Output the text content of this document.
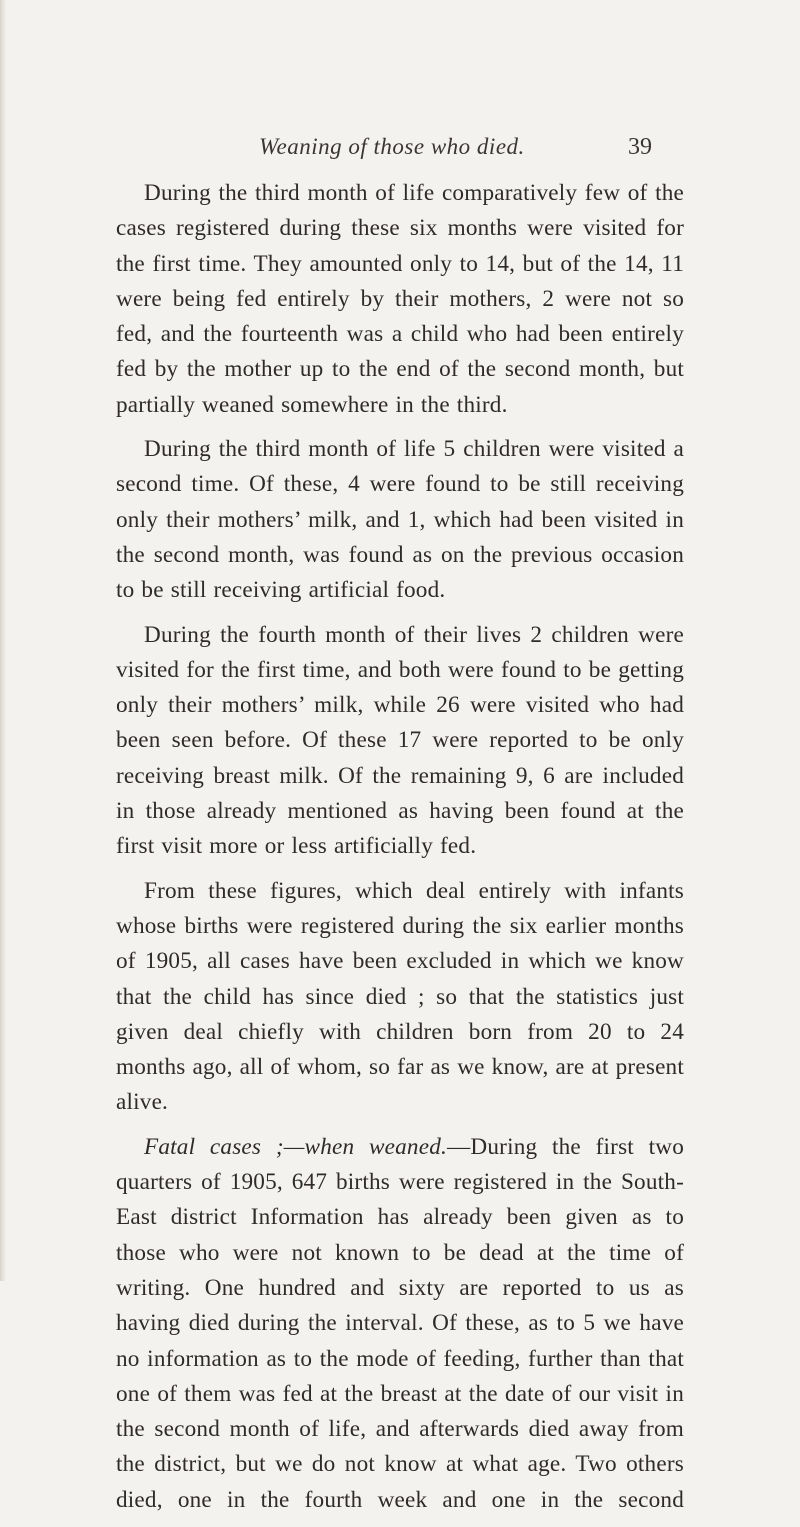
Weaning of those who died.	39

During the third month of life comparatively few of the cases registered during these six months were visited for the first time. They amounted only to 14, but of the 14, 11 were being fed entirely by their mothers, 2 were not so fed, and the fourteenth was a child who had been entirely fed by the mother up to the end of the second month, but partially weaned somewhere in the third.

During the third month of life 5 children were visited a second time. Of these, 4 were found to be still receiving only their mothers’ milk, and 1, which had been visited in the second month, was found as on the previous occasion to be still receiving artificial food.

During the fourth month of their lives 2 children were visited for the first time, and both were found to be getting only their mothers’ milk, while 26 were visited who had been seen before. Of these 17 were reported to be only receiving breast milk. Of the remaining 9, 6 are included in those already mentioned as having been found at the first visit more or less artificially fed.

From these figures, which deal entirely with infants whose births were registered during the six earlier months of 1905, all cases have been excluded in which we know that the child has since died ; so that the statistics just given deal chiefly with children born from 20 to 24 months ago, all of whom, so far as we know, are at present alive.

Fatal cases ;—when weaned.—During the first two quarters of 1905, 647 births were registered in the South-East district Information has already been given as to those who were not known to be dead at the time of writing. One hundred and sixty are reported to us as having died during the interval. Of these, as to 5 we have no information as to the mode of feeding, further than that one of them was fed at the breast at the date of our visit in the second month of life, and afterwards died away from the district, but we do not know at what age. Two others died, one in the fourth week and one in the second
